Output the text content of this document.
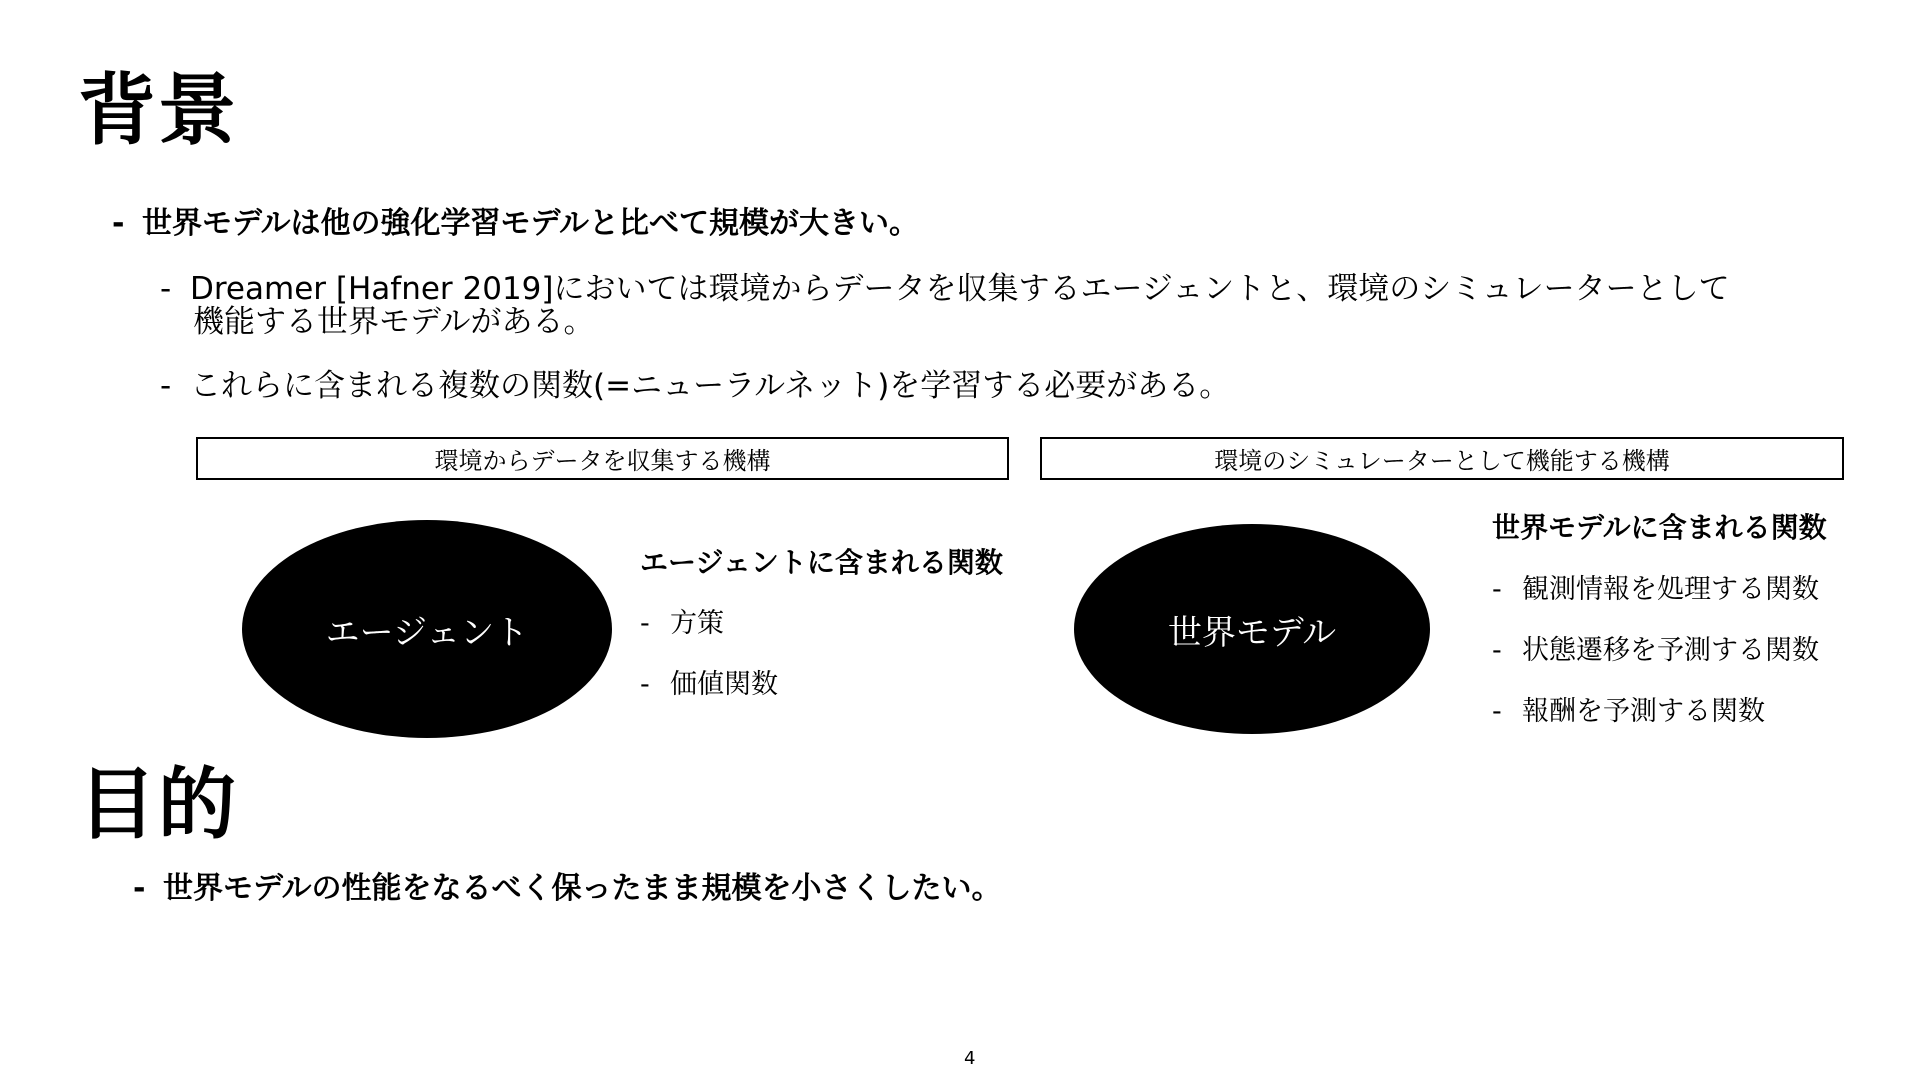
背景
- 世界モデルは他の強化学習モデルと比べて規模が大きい。
- Dreamer [Hafner 2019]においては環境からデータを収集するエージェントと、環境のシミュレーターとして
機能する世界モデルがある。
- これらに含まれる複数の関数(=ニューラルネット)を学習する必要がある。
環境からデータを収集する機構	環境のシミュレーターとして機能する機構
エージェント	世界モデル
エージェントに含まれる関数
- 方策
- 価値関数
世界モデルに含まれる関数
- 観測情報を処理する関数
- 状態遷移を予測する関数
- 報酬を予測する関数
目的
- 世界モデルの性能をなるべく保ったまま規模を小さくしたい。
4
